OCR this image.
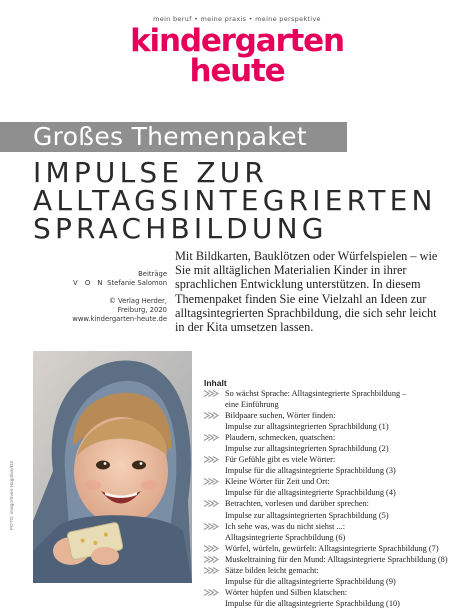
mein beruf • meine praxis • meine perspektive
kindergarten
heute
Großes Themenpaket
IMPULSE ZUR
ALLTAGSINTEGRIERTEN
SPRACHBILDUNG
Mit Bildkarten, Bauklötzen oder Würfelspielen – wie Sie mit alltäglichen Materialien Kinder in ihrer sprachlichen Entwicklung unterstützen. In diesem Themenpaket finden Sie eine Vielzahl an Ideen zur alltagsintegrierten Sprachbildung, die sich sehr leicht in der Kita umsetzen lassen.
Beiträge
V O N Stefanie Salomon
© Verlag Herder,
Freiburg, 2020
www.kindergarten-heute.de
FOTO: imago/Sven Hagolani/D3
Inhalt
So wächst Sprache: Alltagsintegrierte Sprachbildung –
eine Einführung
Bildpaare suchen, Wörter finden:
Impulse zur alltagsintegrierten Sprachbildung (1)
Plaudern, schmecken, quatschen:
Impulse zur alltagsintegrierten Sprachbildung (2)
Für Gefühle gibt es viele Wörter:
Impulse für die alltagsintegrierte Sprachbildung (3)
Kleine Wörter für Zeit und Ort:
Impulse für die alltagsintegrierte Sprachbildung (4)
Betrachten, vorlesen und darüber sprechen:
Impulse zur alltagsintegrierten Sprachbildung (5)
Ich sehe was, was du nicht siehst ...:
Alltagsintegrierte Sprachbildung (6)
Würfel, würfeln, gewürfelt: Alltagsintegrierte Sprachbildung (7)
Muskeltraining für den Mund: Alltagsintegrierte Sprachbildung (8)
Sätze bilden leicht gemacht:
Impulse für die alltagsintegrierte Sprachbildung (9)
Wörter hüpfen und Silben klatschen:
Impulse für die alltagsintegrierte Sprachbildung (10)
